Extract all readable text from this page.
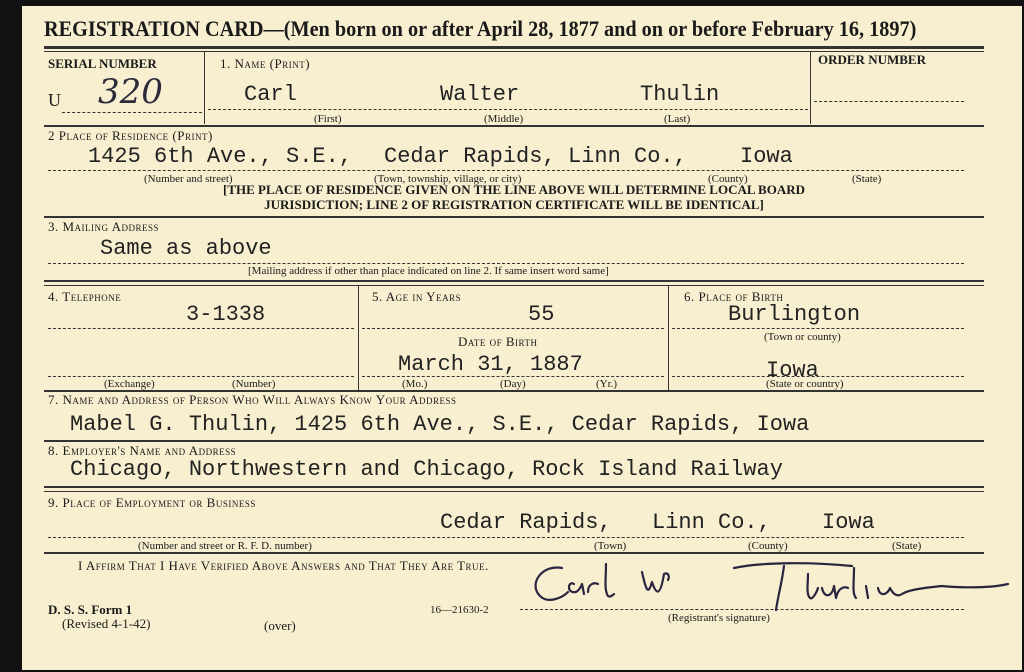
REGISTRATION CARD—(Men born on or after April 28, 1877 and on or before February 16, 1897)
SERIAL NUMBER
U 320
1. Name (Print)
Carl	Walter	Thulin
(First)	(Middle)	(Last)
ORDER NUMBER
2 Place of Residence (Print)
1425 6th Ave., S.E., Cedar Rapids, Linn Co., Iowa
(Number and street)	(Town, township, village, or city)	(County)	(State)
[THE PLACE OF RESIDENCE GIVEN ON THE LINE ABOVE WILL DETERMINE LOCAL BOARD
JURISDICTION; LINE 2 OF REGISTRATION CERTIFICATE WILL BE IDENTICAL]
3. Mailing Address
Same as above
[Mailing address if other than place indicated on line 2. If same insert word same]
4. Telephone
3-1338
(Exchange)	(Number)
5. Age in Years
55
Date of Birth
March 31, 1887
(Mo.)	(Day)	(Yr.)
6. Place of Birth
Burlington
(Town or county)
Iowa
(State or country)
7. Name and Address of Person Who Will Always Know Your Address
Mabel G. Thulin, 1425 6th Ave., S.E., Cedar Rapids, Iowa
8. Employer's Name and Address
Chicago, Northwestern and Chicago, Rock Island Railway
9. Place of Employment or Business
Cedar Rapids, Linn Co., Iowa
(Number and street or R. F. D. number)	(Town)	(County)	(State)
I Affirm That I Have Verified Above Answers and That They Are True.
(Registrant's signature)
D. S. S. Form 1
(Revised 4-1-42)	(over)
16—21630-2
